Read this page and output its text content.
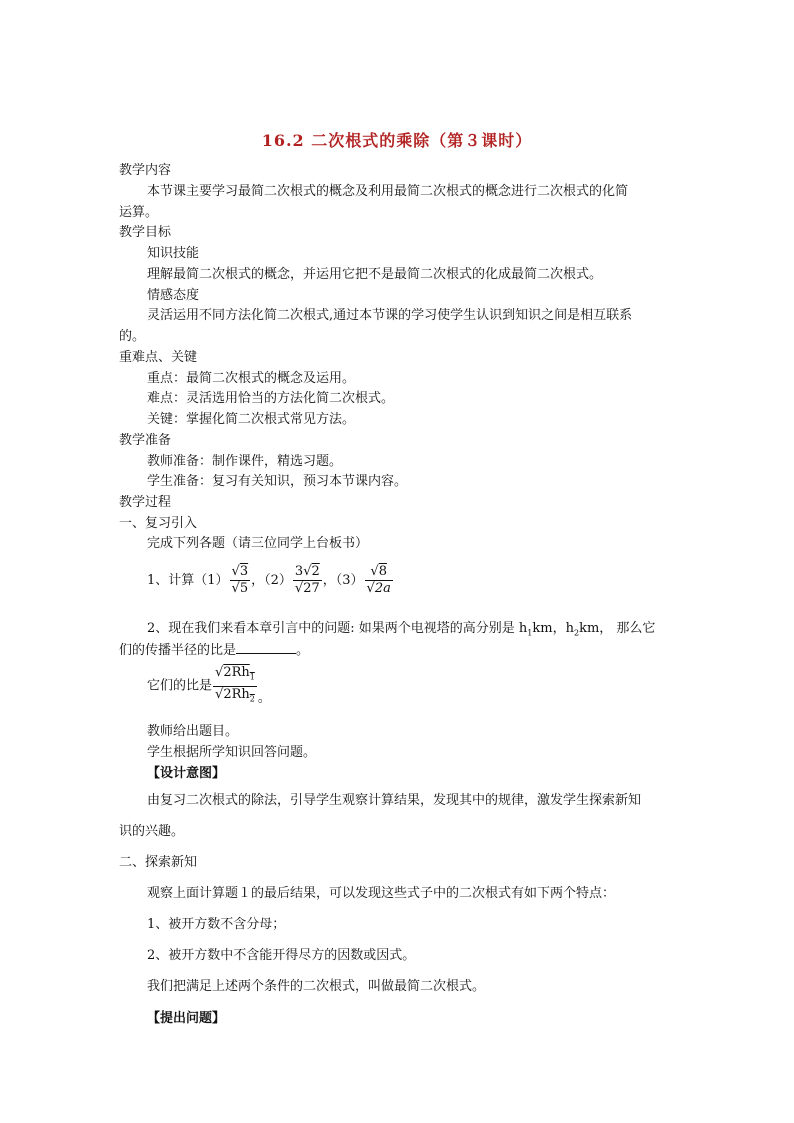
16.2 二次根式的乘除（第３课时）
教学内容
本节课主要学习最简二次根式的概念及利用最简二次根式的概念进行二次根式的化简
运算。
教学目标
知识技能
理解最简二次根式的概念，并运用它把不是最简二次根式的化成最简二次根式。
情感态度
灵活运用不同方法化简二次根式,通过本节课的学习使学生认识到知识之间是相互联系
的。
重难点、关键
重点：最简二次根式的概念及运用。
难点：灵活选用恰当的方法化简二次根式。
关键：掌握化简二次根式常见方法。
教学准备
教师准备：制作课件，精选习题。
学生准备：复习有关知识，预习本节课内容。
教学过程
一、复习引入
完成下列各题（请三位同学上台板书）
1、计算$(1) \frac{√3}{√5}$ ，$(2) \frac{3√2}{√27}$ ，$(3) \frac{√8}{√2a}$
2、现在我们来看本章引言中的问题: 如果两个电视塔的高分别是 $h_1km$，$h_2km$， 那么它
们的传播半径的比是	。
它们的比是 $\frac{√2Rh_1}{√2Rh_2}$ 。
教师给出题目。
学生根据所学知识回答问题。
【设计意图】
由复习二次根式的除法，引导学生观察计算结果，发现其中的规律，激发学生探索新知
识的兴趣。
二、探索新知
观察上面计算题１的最后结果，可以发现这些式子中的二次根式有如下两个特点：
1、被开方数不含分母；
2、被开方数中不含能开得尽方的因数或因式。
我们把满足上述两个条件的二次根式，叫做最简二次根式。
【提出问题】
